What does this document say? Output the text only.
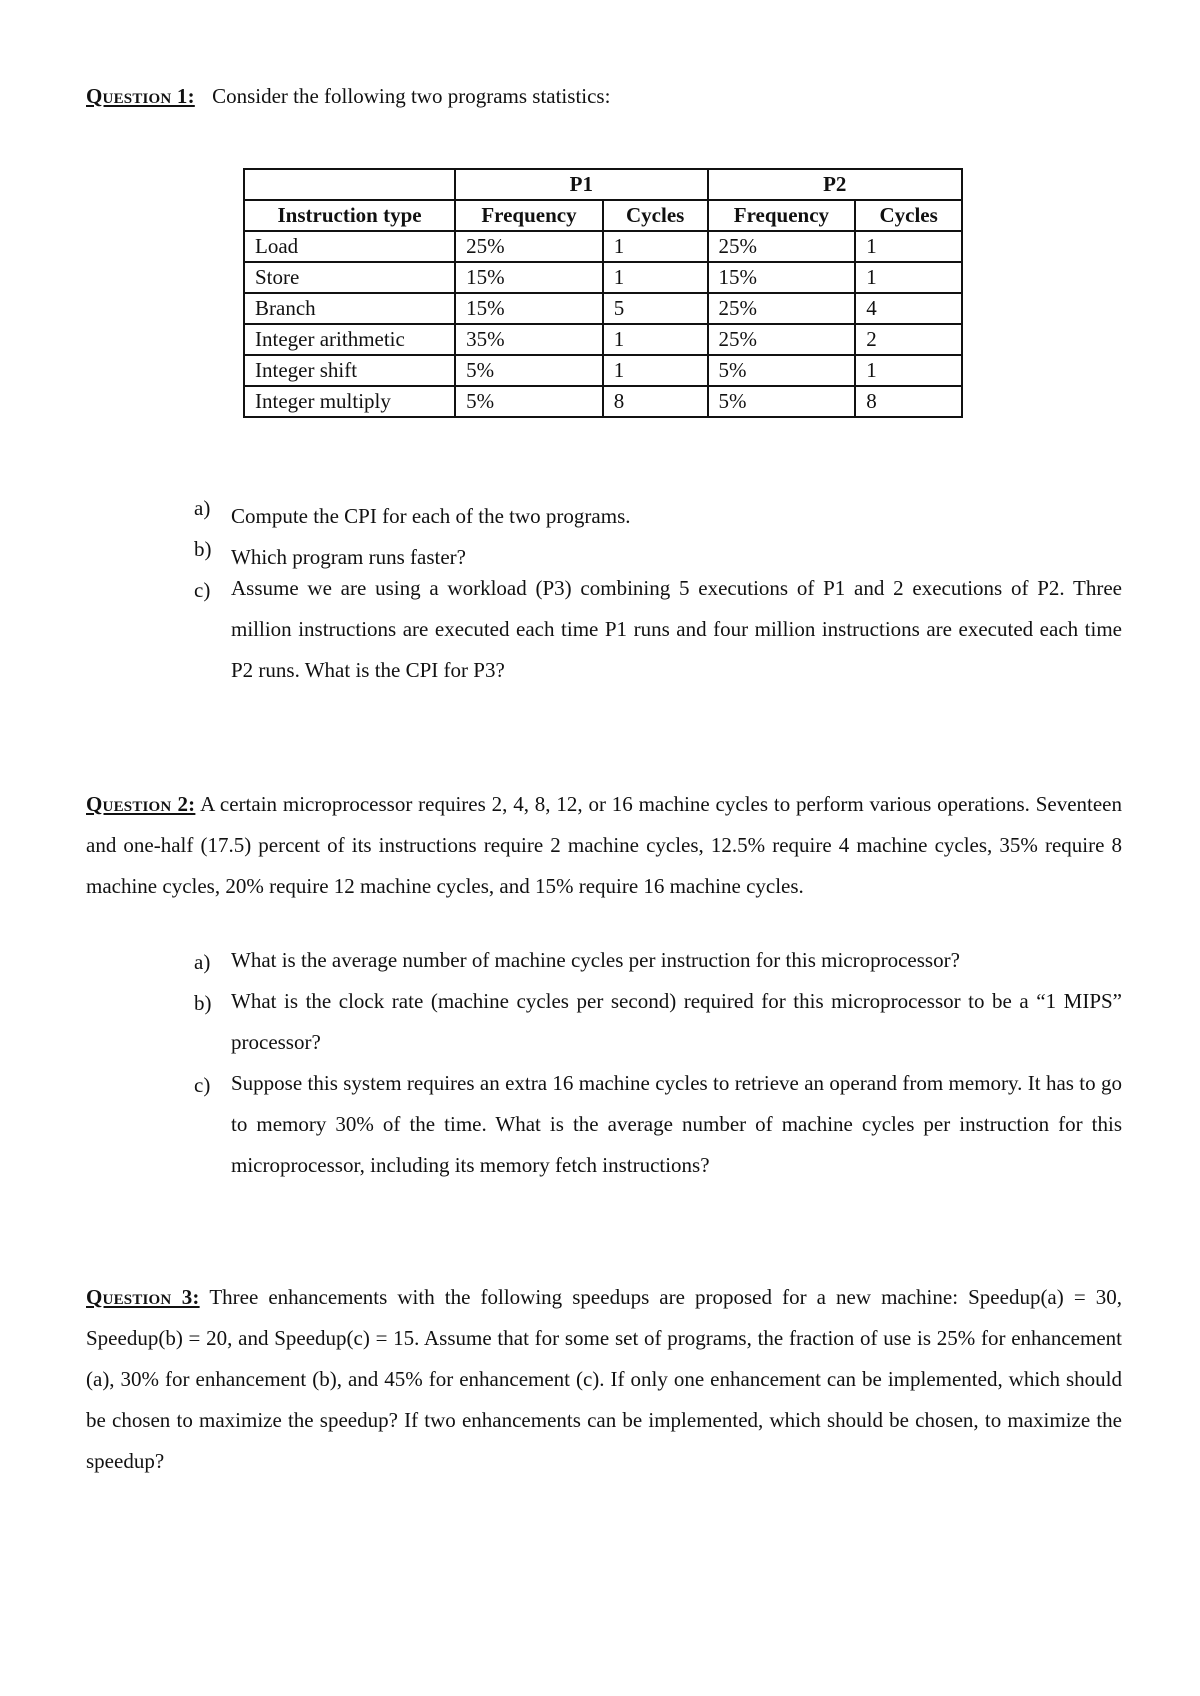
Question 1: Consider the following two programs statistics:
	P1		P2	
Instruction type	Frequency	Cycles	Frequency	Cycles
Load	25%	1	25%	1
Store	15%	1	15%	1
Branch	15%	5	25%	4
Integer arithmetic	35%	1	25%	2
Integer shift	5%	1	5%	1
Integer multiply	5%	8	5%	8
a) Compute the CPI for each of the two programs.
b) Which program runs faster?
c) Assume we are using a workload (P3) combining 5 executions of P1 and 2 executions of P2. Three million instructions are executed each time P1 runs and four million instructions are executed each time P2 runs. What is the CPI for P3?
Question 2: A certain microprocessor requires 2, 4, 8, 12, or 16 machine cycles to perform various operations. Seventeen and one-half (17.5) percent of its instructions require 2 machine cycles, 12.5% require 4 machine cycles, 35% require 8 machine cycles, 20% require 12 machine cycles, and 15% require 16 machine cycles.
a) What is the average number of machine cycles per instruction for this microprocessor?
b) What is the clock rate (machine cycles per second) required for this microprocessor to be a “1 MIPS” processor?
c) Suppose this system requires an extra 16 machine cycles to retrieve an operand from memory. It has to go to memory 30% of the time. What is the average number of machine cycles per instruction for this microprocessor, including its memory fetch instructions?
Question 3: Three enhancements with the following speedups are proposed for a new machine: Speedup(a) = 30, Speedup(b) = 20, and Speedup(c) = 15. Assume that for some set of programs, the fraction of use is 25% for enhancement (a), 30% for enhancement (b), and 45% for enhancement (c). If only one enhancement can be implemented, which should be chosen to maximize the speedup? If two enhancements can be implemented, which should be chosen, to maximize the speedup?
